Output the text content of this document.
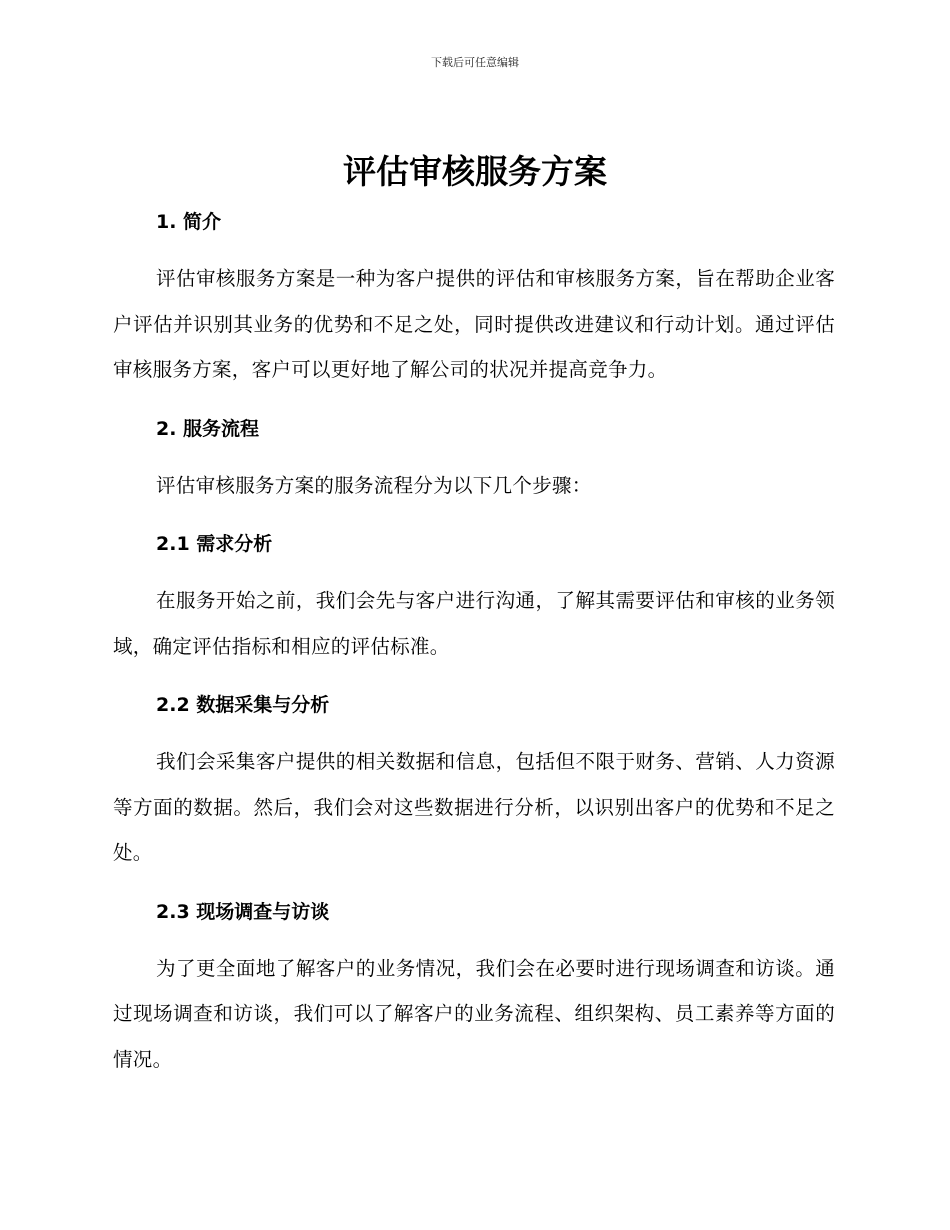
下载后可任意编辑
评估审核服务方案
1. 简介

评估审核服务方案是一种为客户提供的评估和审核服务方案，旨在帮助企业客户评估并识别其业务的优势和不足之处，同时提供改进建议和行动计划。通过评估审核服务方案，客户可以更好地了解公司的状况并提高竞争力。

2. 服务流程

评估审核服务方案的服务流程分为以下几个步骤：

2.1 需求分析

在服务开始之前，我们会先与客户进行沟通，了解其需要评估和审核的业务领域，确定评估指标和相应的评估标准。

2.2 数据采集与分析

我们会采集客户提供的相关数据和信息，包括但不限于财务、营销、人力资源等方面的数据。然后，我们会对这些数据进行分析，以识别出客户的优势和不足之处。

2.3 现场调查与访谈

为了更全面地了解客户的业务情况，我们会在必要时进行现场调查和访谈。通过现场调查和访谈，我们可以了解客户的业务流程、组织架构、员工素养等方面的情况。
